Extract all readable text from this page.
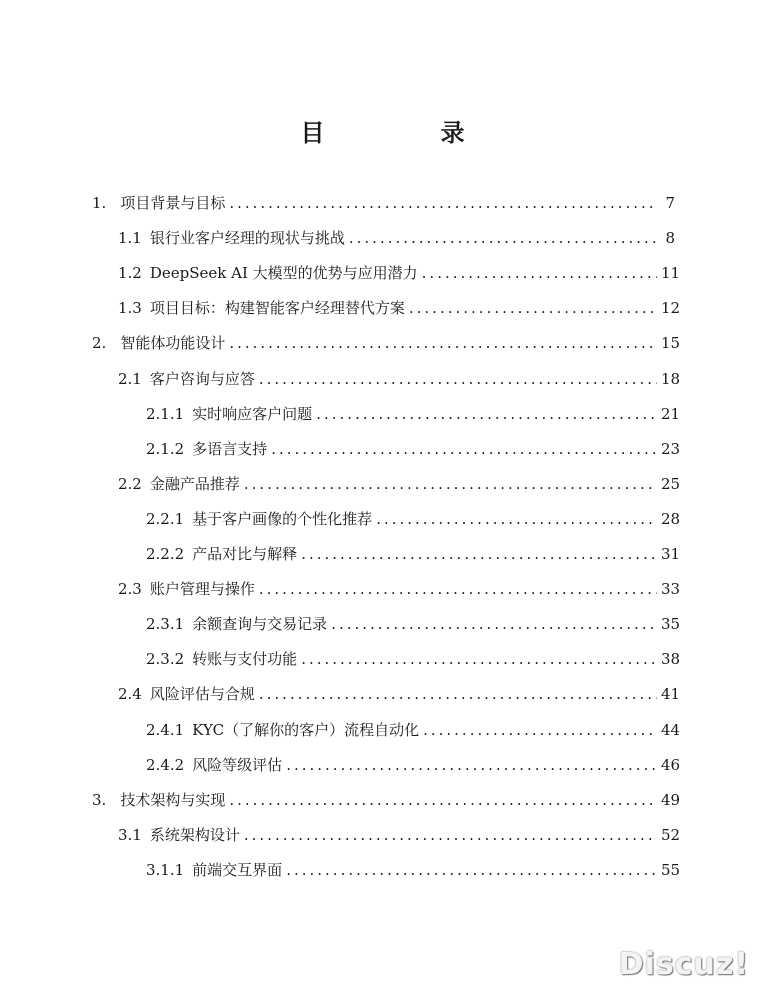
目　录
1. 项目背景与目标 .....	7
1.1 银行业客户经理的现状与挑战 .....	8
1.2 DeepSeek AI 大模型的优势与应用潜力 .....	11
1.3 项目目标：构建智能客户经理替代方案 .....	12
2. 智能体功能设计 .....	15
2.1 客户咨询与应答 .....	18
2.1.1 实时响应客户问题 .....	21
2.1.2 多语言支持 .....	23
2.2 金融产品推荐 .....	25
2.2.1 基于客户画像的个性化推荐 .....	28
2.2.2 产品对比与解释 .....	31
2.3 账户管理与操作 .....	33
2.3.1 余额查询与交易记录 .....	35
2.3.2 转账与支付功能 .....	38
2.4 风险评估与合规 .....	41
2.4.1 KYC（了解你的客户）流程自动化 .....	44
2.4.2 风险等级评估 .....	46
3. 技术架构与实现 .....	49
3.1 系统架构设计 .....	52
3.1.1 前端交互界面 .....	55
Discuz!
